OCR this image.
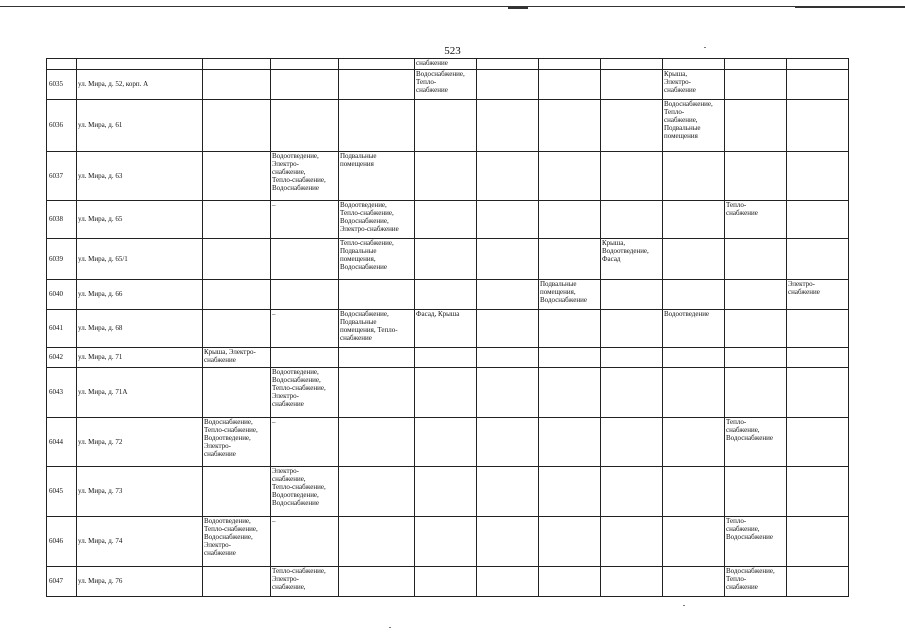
523
					снабжение						
6035	ул. Мира, д. 52, корп. А				Водоснабжение,
Тепло-
снабжение				Крыша,
Электро-
снабжение		
6036	ул. Мира, д. 61								Водоснабжение,
Тепло-
снабжение,
Подвальные
помещения		
6037	ул. Мира, д. 63		Водоотведение,
Электро-
снабжение,
Тепло-снабжение,
Водоснабжение	Подвальные
помещения							
6038	ул. Мира, д. 65		–	Водоотведение,
Тепло-снабжение,
Водоснабжение,
Электро-снабжение						Тепло-
снабжение	
6039	ул. Мира, д. 65/1			Тепло-снабжение,
Подвальные
помещения,
Водоснабжение				Крыша,
Водоотведение,
Фасад			
6040	ул. Мира, д. 66						Подвальные
помещения,
Водоснабжение				Электро-
снабжение
6041	ул. Мира, д. 68		–	Водоснабжение,
Подвальные
помещения, Тепло-
снабжение	Фасад, Крыша				Водоотведение		
6042	ул. Мира, д. 71	Крыша, Электро-
снабжение									
6043	ул. Мира, д. 71А		Водоотведение,
Водоснабжение,
Тепло-снабжение,
Электро-
снабжение								
6044	ул. Мира, д. 72	Водоснабжение,
Тепло-снабжение,
Водоотведение,
Электро-
снабжение	–							Тепло-
снабжение,
Водоснабжение	
6045	ул. Мира, д. 73		Электро-
снабжение,
Тепло-снабжение,
Водоотведение,
Водоснабжение								
6046	ул. Мира, д. 74	Водоотведение,
Тепло-снабжение,
Водоснабжение,
Электро-
снабжение	–							Тепло-
снабжение,
Водоснабжение	
6047	ул. Мира, д. 76		Тепло-снабжение,
Электро-
снабжение,							Водоснабжение,
Тепло-
снабжение	
